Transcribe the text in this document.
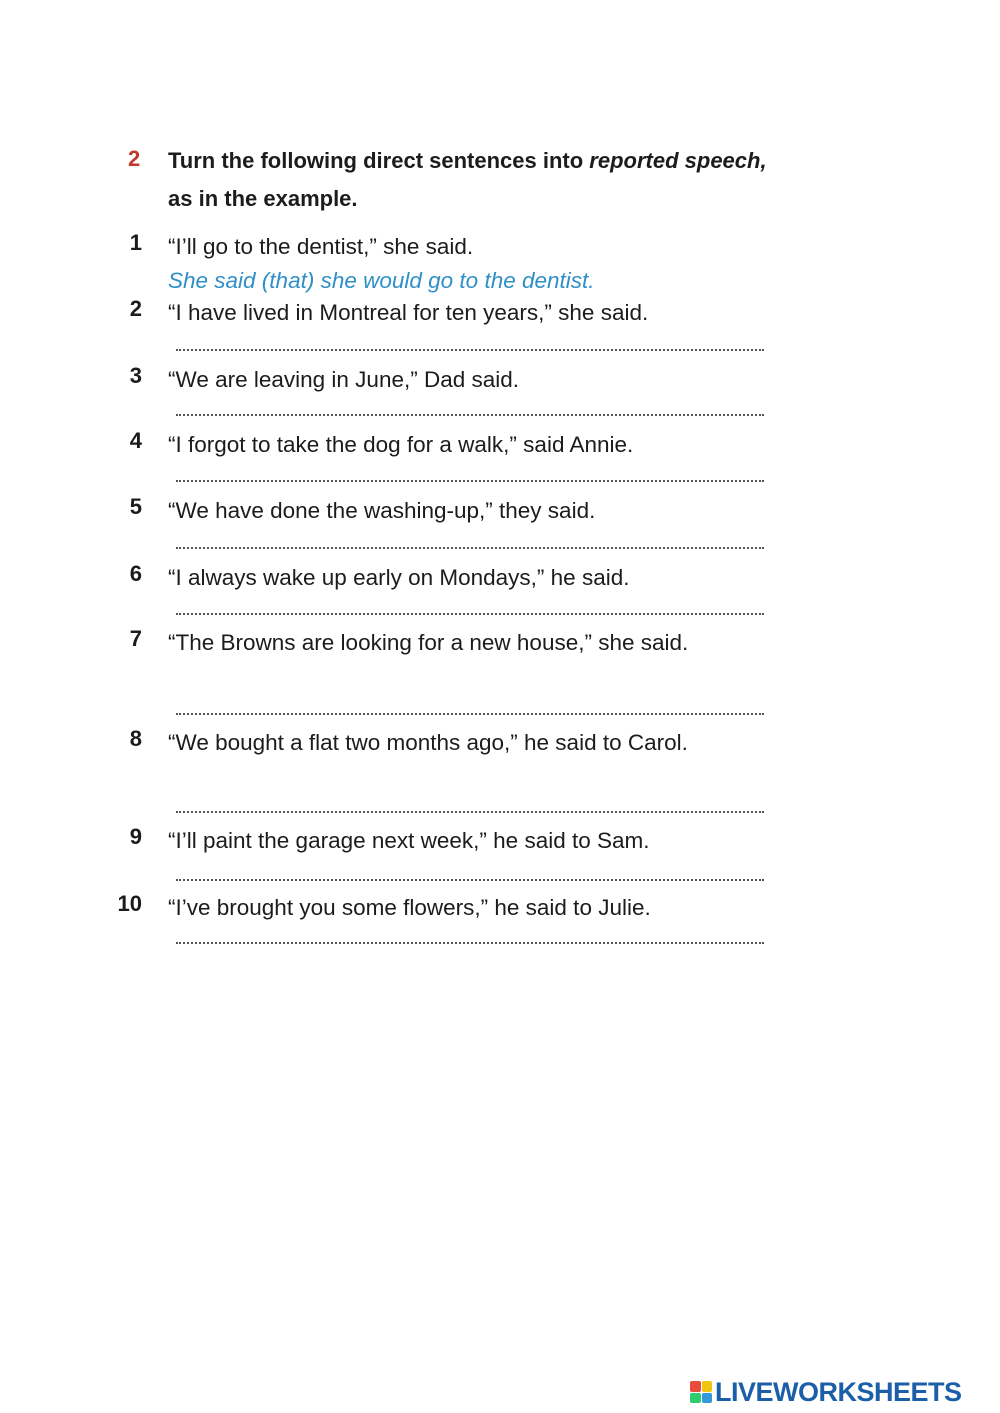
2 Turn the following direct sentences into reported speech, as in the example.
1 “I’ll go to the dentist,” she said.
She said (that) she would go to the dentist.
2 “I have lived in Montreal for ten years,” she said.
3 “We are leaving in June,” Dad said.
4 “I forgot to take the dog for a walk,” said Annie.
5 “We have done the washing-up,” they said.
6 “I always wake up early on Mondays,” he said.
7 “The Browns are looking for a new house,” she said.
8 “We bought a flat two months ago,” he said to Carol.
9 “I’ll paint the garage next week,” he said to Sam.
10 “I’ve brought you some flowers,” he said to Julie.
LIVEWORKSHEETS
